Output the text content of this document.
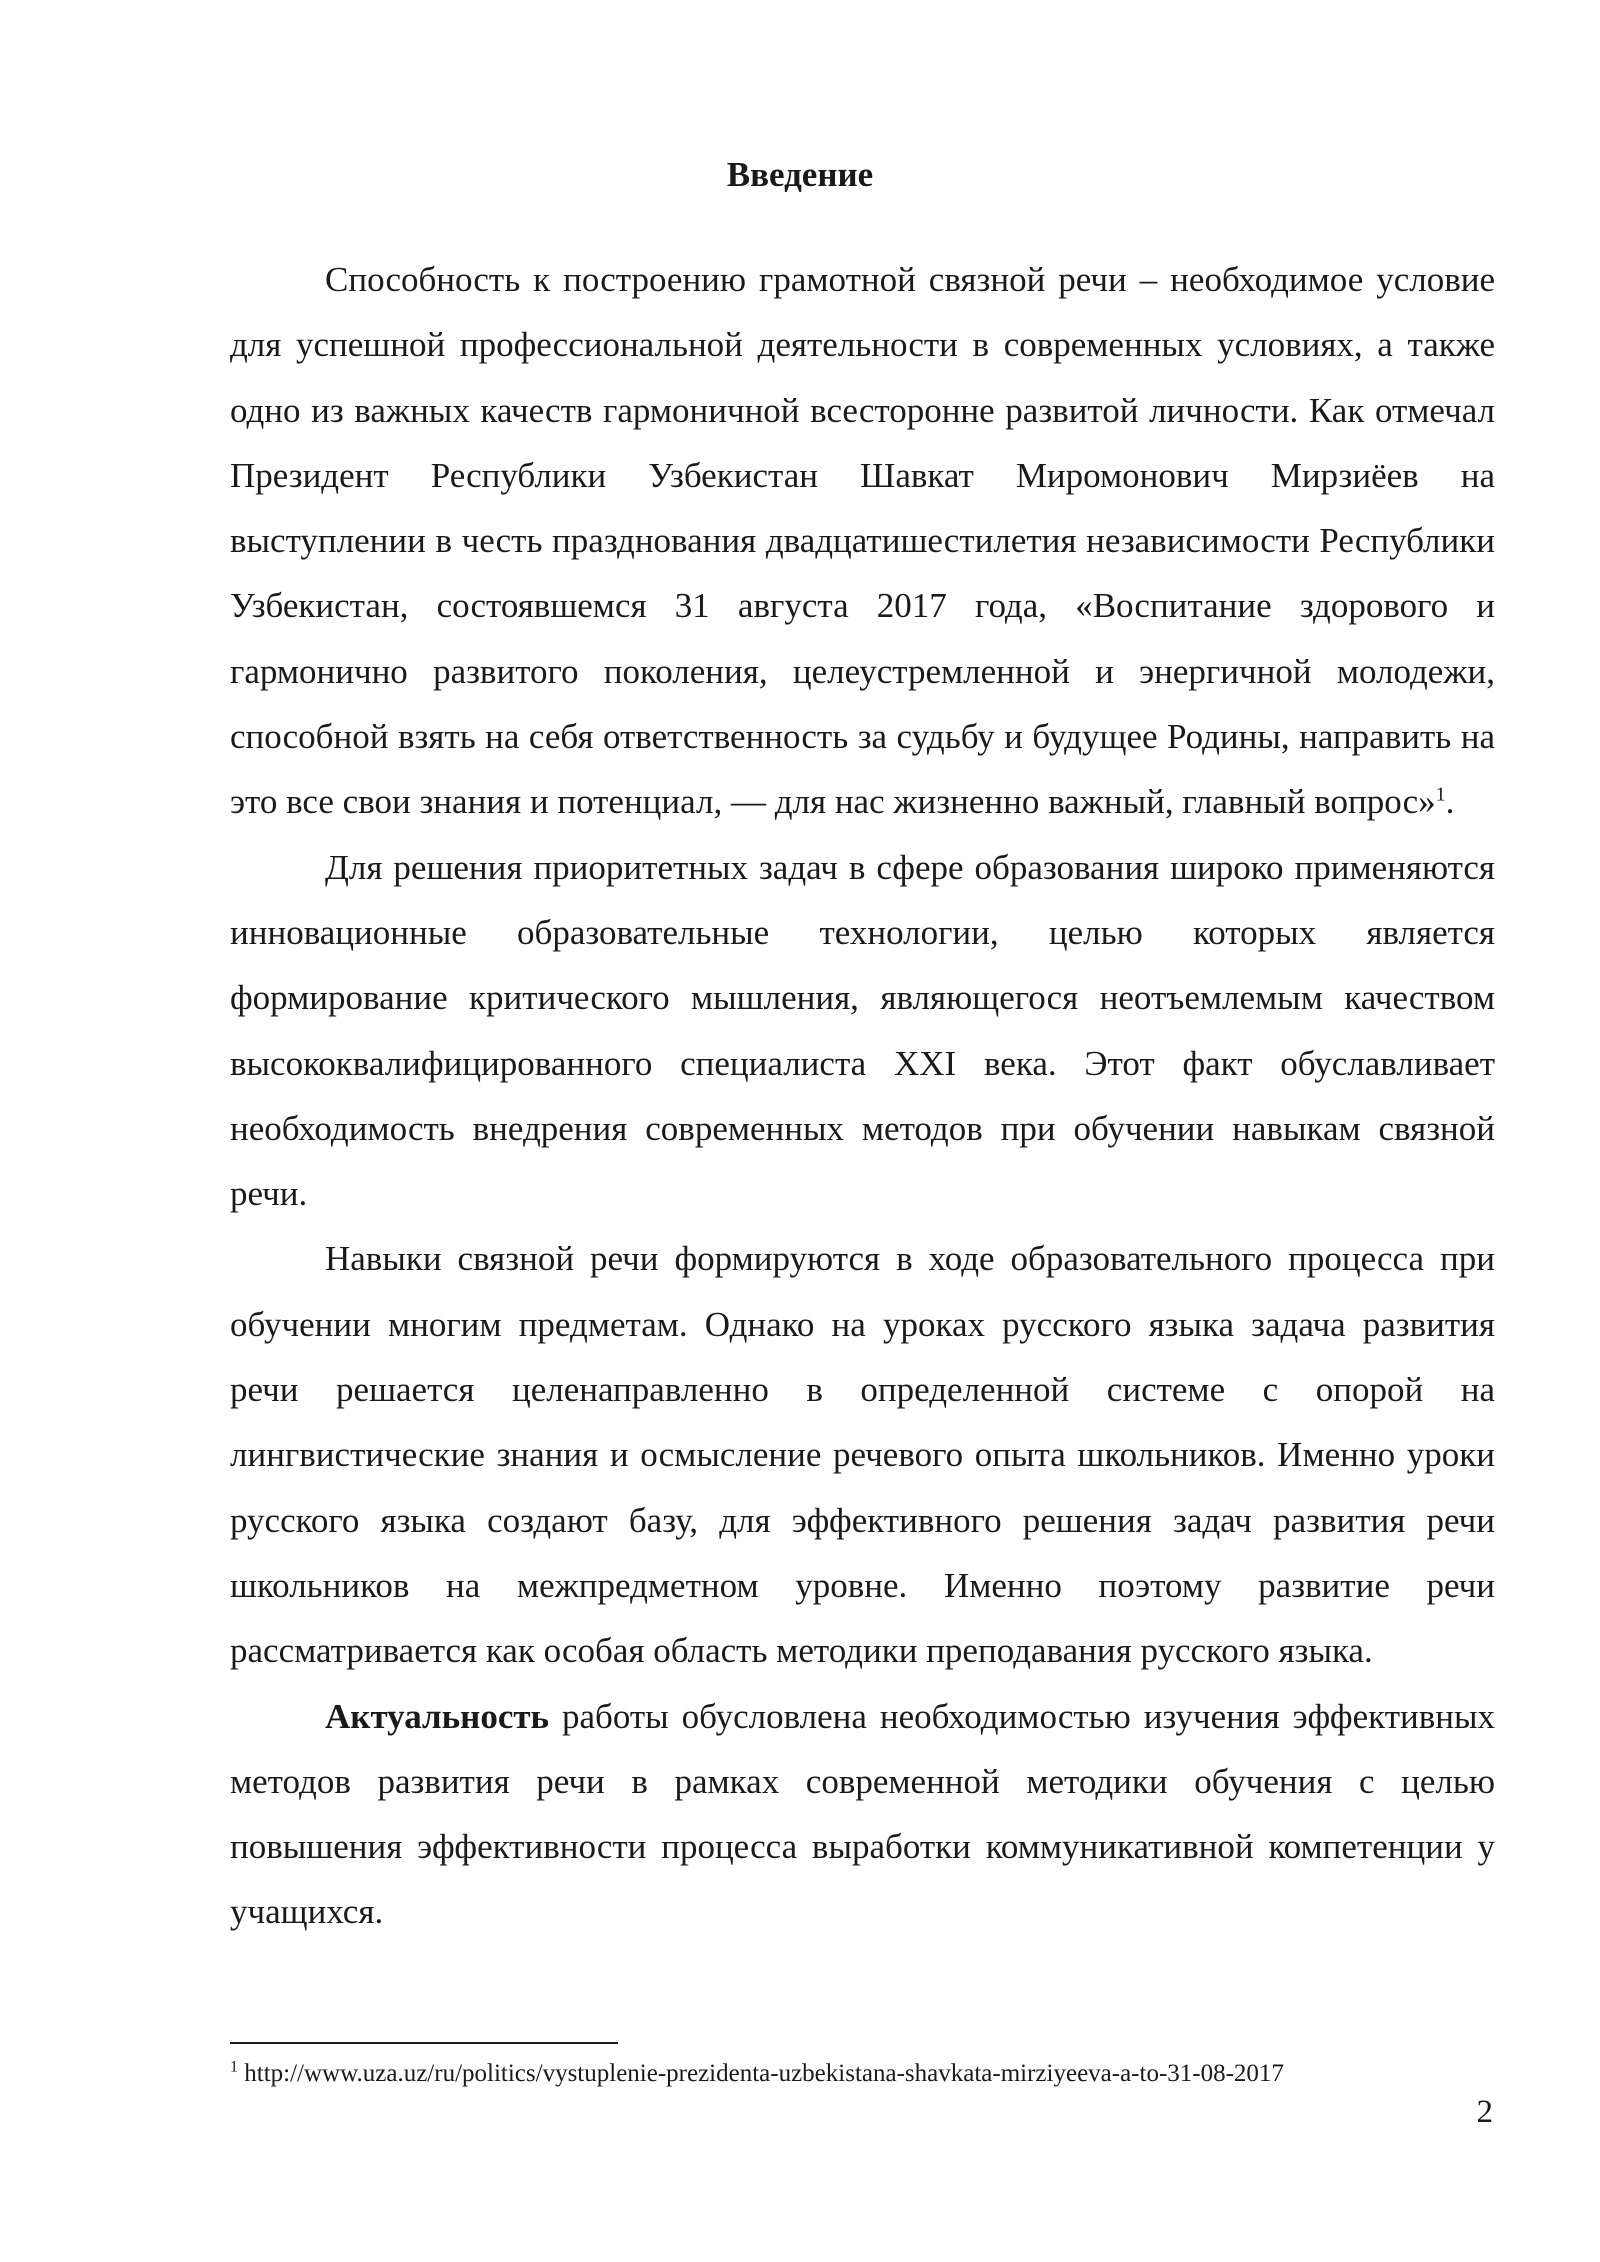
Введение

Способность к построению грамотной связной речи – необходимое условие для успешной профессиональной деятельности в современных условиях, а также одно из важных качеств гармоничной всесторонне развитой личности. Как отмечал Президент Республики Узбекистан Шавкат Миромонович Мирзиёев на выступлении в честь празднования двадцатишестилетия независимости Республики Узбекистан, состоявшемся 31 августа 2017 года, «Воспитание здорового и гармонично развитого поколения, целеустремленной и энергичной молодежи, способной взять на себя ответственность за судьбу и будущее Родины, направить на это все свои знания и потенциал, — для нас жизненно важный, главный вопрос»$^1$.

Для решения приоритетных задач в сфере образования широко применяются инновационные образовательные технологии, целью которых является формирование критического мышления, являющегося неотъемлемым качеством высококвалифицированного специалиста XXI века. Этот факт обуславливает необходимость внедрения современных методов при обучении навыкам связной речи.

Навыки связной речи формируются в ходе образовательного процесса при обучении многим предметам. Однако на уроках русского языка задача развития речи решается целенаправленно в определенной системе с опорой на лингвистические знания и осмысление речевого опыта школьников. Именно уроки русского языка создают базу, для эффективного решения задач развития речи школьников на межпредметном уровне. Именно поэтому развитие речи рассматривается как особая область методики преподавания русского языка.

Актуальность работы обусловлена необходимостью изучения эффективных методов развития речи в рамках современной методики обучения с целью повышения эффективности процесса выработки коммуникативной компетенции у учащихся.

$^1$ http://www.uza.uz/ru/politics/vystuplenie-prezidenta-uzbekistana-shavkata-mirziyeeva-a-to-31-08-2017

2
